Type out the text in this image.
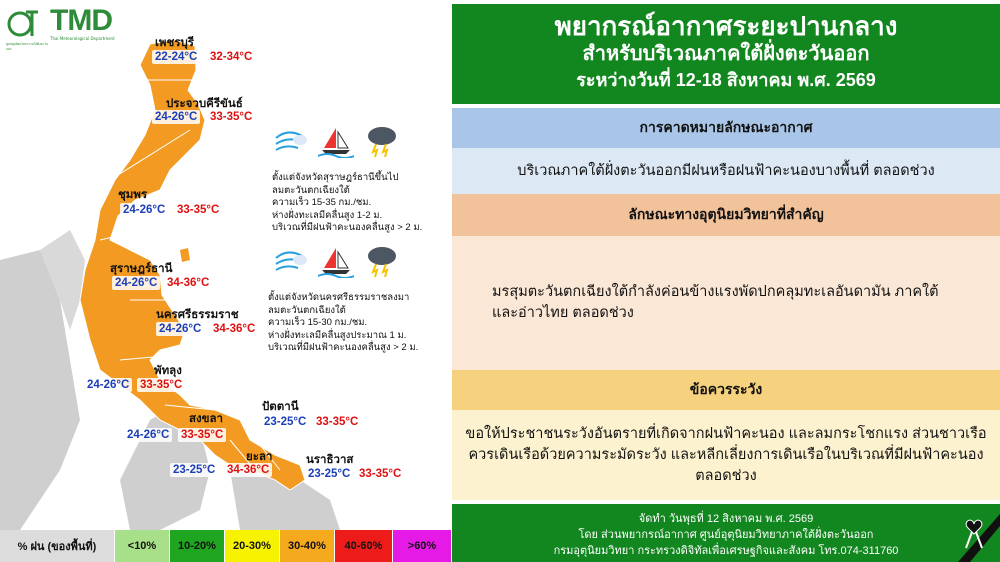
ศูนย์อุตุนิยมวิทยาภาคใต้ฝั่งตะวันออก
TMD
Thai Meteorological Department	เพชรบุรี
22-24°C 32-34°C
ประจวบคีรีขันธ์
24-26°C 33-35°C
ชุมพร
24-26°C 33-35°C
สุราษฎร์ธานี
24-26°C 34-36°C
นครศรีธรรมราช
24-26°C 34-36°C
พัทลุง
24-26°C 33-35°C
สงขลา
24-26°C 33-35°C
ปัตตานี
23-25°C 33-35°C
ยะลา
23-25°C 34-36°C
นราธิวาส
23-25°C 33-35°C
ตั้งแต่จังหวัดสุราษฎร์ธานีขึ้นไป
ลมตะวันตกเฉียงใต้
ความเร็ว 15-35 กม./ชม.
ห่างฝั่งทะเลมีคลื่นสูง 1-2 ม.
บริเวณที่มีฝนฟ้าคะนองคลื่นสูง > 2 ม.
ตั้งแต่จังหวัดนครศรีธรรมราชลงมา
ลมตะวันตกเฉียงใต้
ความเร็ว 15-30 กม./ชม.
ห่างฝั่งทะเลมีคลื่นสูงประมาณ 1 ม.
บริเวณที่มีฝนฟ้าคะนองคลื่นสูง > 2 ม.
% ฝน (ของพื้นที่)	<10%	10-20%	20-30%	30-40%	40-60%	>60%
พยากรณ์อากาศระยะปานกลาง
สำหรับบริเวณภาคใต้ฝั่งตะวันออก
ระหว่างวันที่ 12-18 สิงหาคม พ.ศ. 2569
การคาดหมายลักษณะอากาศ
บริเวณภาคใต้ฝั่งตะวันออกมีฝนหรือฝนฟ้าคะนองบางพื้นที่ ตลอดช่วง
ลักษณะทางอุตุนิยมวิทยาที่สำคัญ
มรสุมตะวันตกเฉียงใต้กำลังค่อนข้างแรงพัดปกคลุมทะเลอันดามัน ภาคใต้และอ่าวไทย ตลอดช่วง
ข้อควรระวัง
ขอให้ประชาชนระวังอันตรายที่เกิดจากฝนฟ้าคะนอง และลมกระโชกแรง ส่วนชาวเรือควรเดินเรือด้วยความระมัดระวัง และหลีกเลี่ยงการเดินเรือในบริเวณที่มีฝนฟ้าคะนอง ตลอดช่วง
จัดทำ วันพุธที่ 12 สิงหาคม พ.ศ. 2569
โดย ส่วนพยากรณ์อากาศ ศูนย์อุตุนิยมวิทยาภาคใต้ฝั่งตะวันออก
กรมอุตุนิยมวิทยา กระทรวงดิจิทัลเพื่อเศรษฐกิจและสังคม โทร.074-311760
